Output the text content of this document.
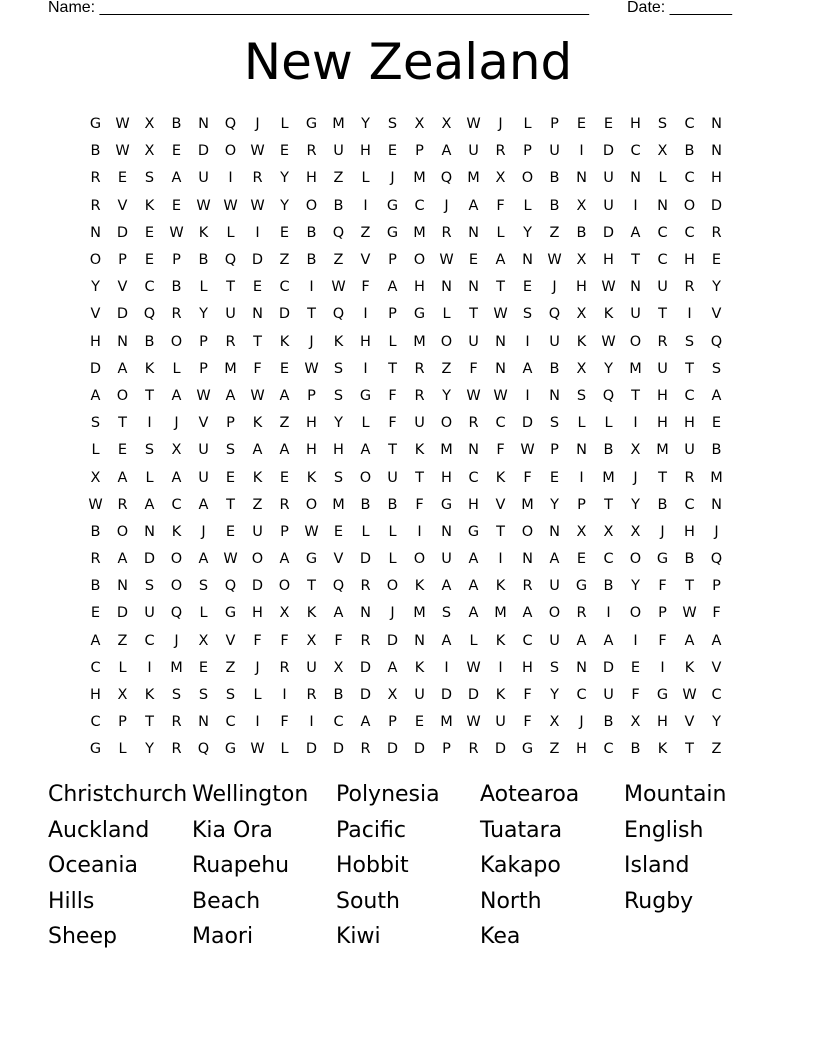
Name: _______________________________________________________ Date: _______
New Zealand
G W	X	B	N	Q	J	L	G	M	Y	S	X	X	W	J	L	P	E	E	H	S	C	N
B	W	X	E	D	O W	E	R	U	H	E	P	A	U	R	P	U	I	D	C	X	B	N
R	E	S	A	U	I	R	Y	H	Z	L	J	M	Q	M	X	O	B	N	U	N	L	C	H
R	V	K	E	W W W	Y	O	B	I	G	C	J	A	F	L	B	X	U	I	N	O	D
N	D	E	W	K	L	I	E	B	Q	Z	G	M	R	N	L	Y	Z	B	D	A	C	C	R
O	P	E	P	B	Q	D	Z	B	Z	V	P	O W	E	A	N W	X	H	T	C	H	E
Y	V	C	B	L	T	E	C	I	W	F	A	H	N	N	T	E	J	H W N	U	R	Y
V	D	Q	R	Y	U	N	D	T	Q	I	P	G	L	T	W	S	Q	X	K	U	T	I	V
H	N	B	O	P	R	T	K	J	K	H	L	M	O	U	N	I	U	K	W O	R	S	Q
D	A	K	L	P	M	F	E	W	S	I	T	R	Z	F	N	A	B	X	Y	M	U	T	S
A	O	T	A	W	A	W	A	P	S	G	F	R	Y	W W	I	N	S	Q	T	H	C	A
S	T	I	J	V	P	K	Z	H	Y	L	F	U	O	R	C	D	S	L	L	I	H	H	E
L	E	S	X	U	S	A	A	H	H	A	T	K	M	N	F	W	P	N	B	X	M	U	B
X	A	L	A	U	E	K	E	K	S	O	U	T	H	C	K	F	E	I	M	J	T	R	M
W	R	A	C	A	T	Z	R	O	M	B	B	F	G	H	V	M	Y	P	T	Y	B	C	N
B	O	N	K	J	E	U	P	W	E	L	L	I	N	G	T	O	N	X	X	X	J	H	J
R	A	D	O	A	W O	A	G	V	D	L	O	U	A	I	N	A	E	C	O	G	B	Q
B	N	S	O	S	Q	D	O	T	Q	R	O	K	A	A	K	R	U	G	B	Y	F	T	P
E	D	U	Q	L	G	H	X	K	A	N	J	M	S	A	M	A	O	R	I	O	P	W	F
A	Z	C	J	X	V	F	F	X	F	R	D	N	A	L	K	C	U	A	A	I	F	A	A
C	L	I	M	E	Z	J	R	U	X	D	A	K	I	W	I	H	S	N	D	E	I	K	V
H	X	K	S	S	S	L	I	R	B	D	X	U	D	D	K	F	Y	C	U	F	G W	C
C	P	T	R	N	C	I	F	I	C	A	P	E	M W	U	F	X	J	B	X	H	V	Y
G	L	Y	R	Q	G W	L	D	D	R	D	D	P	R	D	G	Z	H	C	B	K	T	Z
Christchurch Wellington	Polynesia	Aotearoa	Mountain
Auckland	Kia Ora	Pacific	Tuatara	English
Oceania	Ruapehu	Hobbit	Kakapo	Island
Hills	Beach	South	North	Rugby
Sheep	Maori	Kiwi	Kea
